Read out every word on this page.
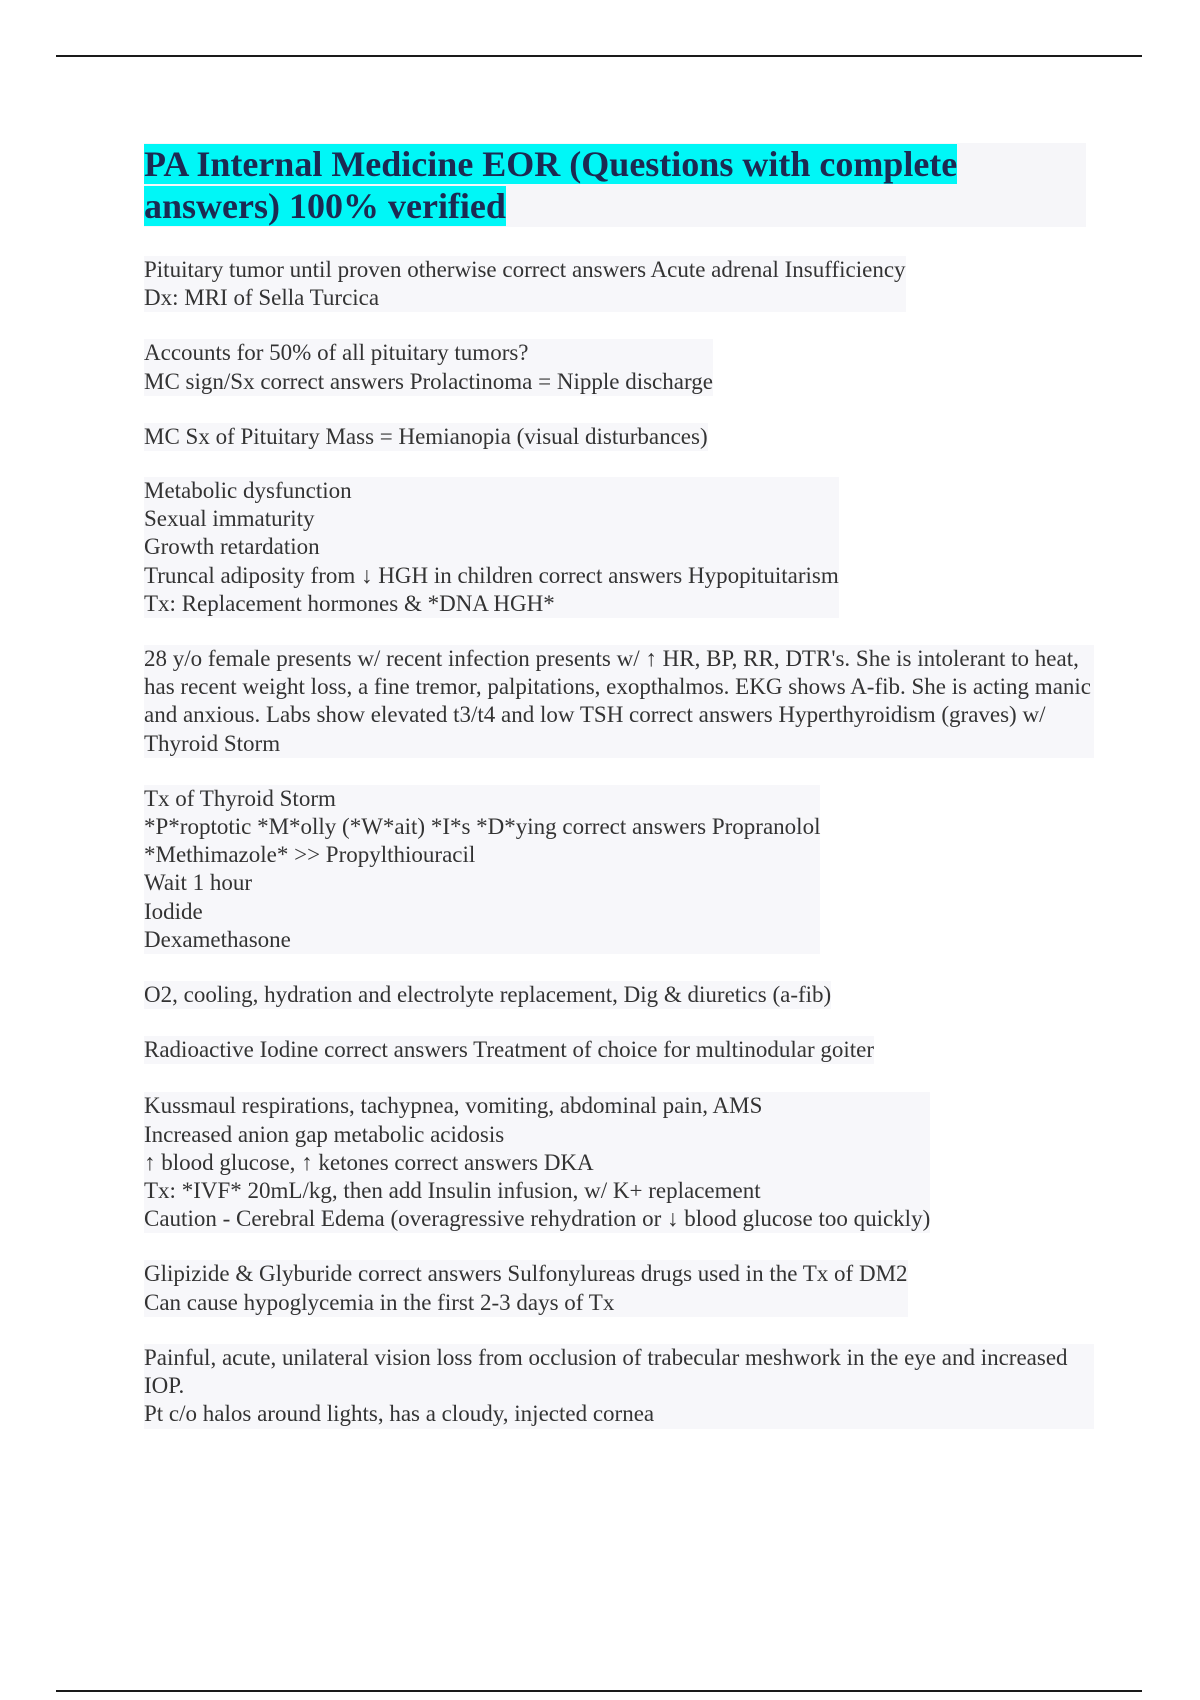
PA Internal Medicine EOR (Questions with complete answers) 100% verified
Pituitary tumor until proven otherwise correct answers Acute adrenal Insufficiency
Dx: MRI of Sella Turcica
Accounts for 50% of all pituitary tumors?
MC sign/Sx correct answers Prolactinoma = Nipple discharge
MC Sx of Pituitary Mass = Hemianopia (visual disturbances)
Metabolic dysfunction
Sexual immaturity
Growth retardation
Truncal adiposity from ↓ HGH in children correct answers Hypopituitarism
Tx: Replacement hormones & *DNA HGH*
28 y/o female presents w/ recent infection presents w/ ↑ HR, BP, RR, DTR's. She is intolerant to heat, has recent weight loss, a fine tremor, palpitations, exopthalmos. EKG shows A-fib. She is acting manic and anxious. Labs show elevated t3/t4 and low TSH correct answers Hyperthyroidism (graves) w/ Thyroid Storm
Tx of Thyroid Storm
*P*roptotic *M*olly (*W*ait) *I*s *D*ying correct answers Propranolol
*Methimazole* >> Propylthiouracil
Wait 1 hour
Iodide
Dexamethasone
O2, cooling, hydration and electrolyte replacement, Dig & diuretics (a-fib)
Radioactive Iodine correct answers Treatment of choice for multinodular goiter
Kussmaul respirations, tachypnea, vomiting, abdominal pain, AMS
Increased anion gap metabolic acidosis
↑ blood glucose, ↑ ketones correct answers DKA
Tx: *IVF* 20mL/kg, then add Insulin infusion, w/ K+ replacement
Caution - Cerebral Edema (overagressive rehydration or ↓ blood glucose too quickly)
Glipizide & Glyburide correct answers Sulfonylureas drugs used in the Tx of DM2
Can cause hypoglycemia in the first 2-3 days of Tx
Painful, acute, unilateral vision loss from occlusion of trabecular meshwork in the eye and increased IOP.
Pt c/o halos around lights, has a cloudy, injected cornea
